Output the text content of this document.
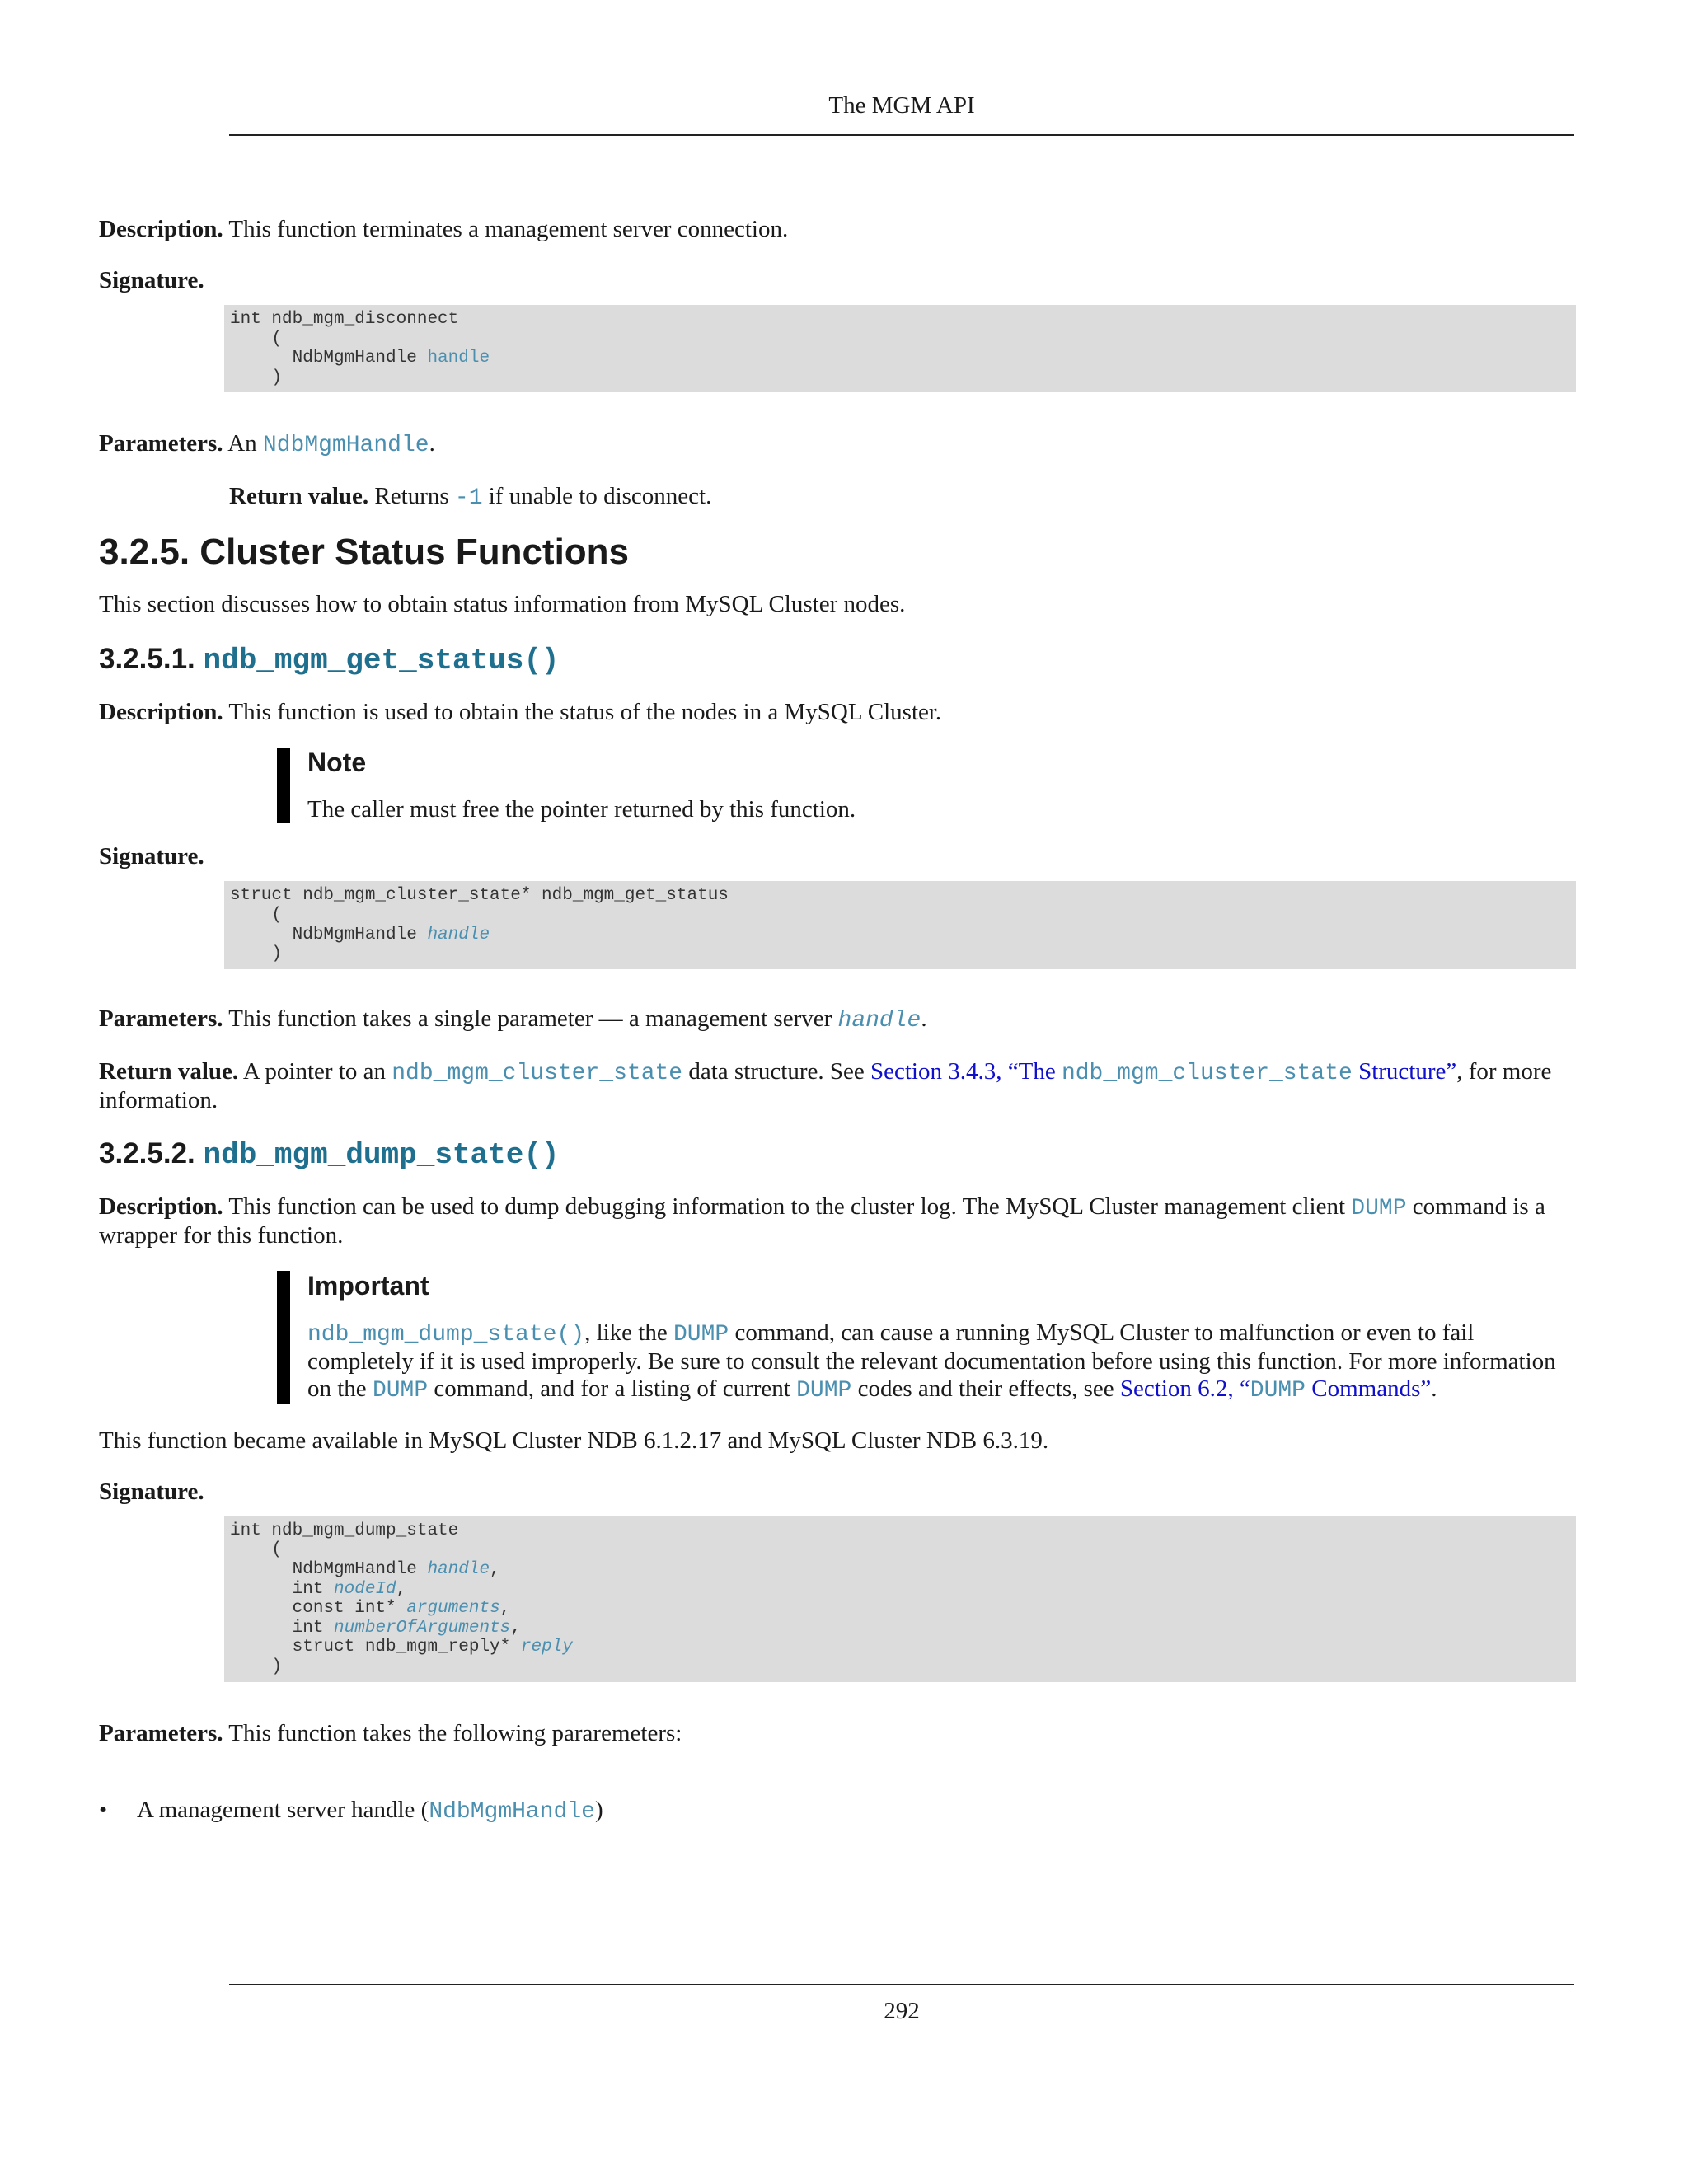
The MGM API

Description. This function terminates a management server connection.

Signature.

int ndb_mgm_disconnect
(
NdbMgmHandle handle
)

Parameters. An NdbMgmHandle.

Return value. Returns -1 if unable to disconnect.

3.2.5. Cluster Status Functions

This section discusses how to obtain status information from MySQL Cluster nodes.

3.2.5.1. ndb_mgm_get_status()

Description. This function is used to obtain the status of the nodes in a MySQL Cluster.

Note

The caller must free the pointer returned by this function.

Signature.

struct ndb_mgm_cluster_state* ndb_mgm_get_status
(
NdbMgmHandle handle
)

Parameters. This function takes a single parameter — a management server handle.

Return value. A pointer to an ndb_mgm_cluster_state data structure. See Section 3.4.3, “The ndb_mgm_cluster_state Structure”, for more information.

3.2.5.2. ndb_mgm_dump_state()

Description. This function can be used to dump debugging information to the cluster log. The MySQL Cluster management client DUMP command is a wrapper for this function.

Important

ndb_mgm_dump_state(), like the DUMP command, can cause a running MySQL Cluster to malfunction or even to fail completely if it is used improperly. Be sure to consult the relevant documentation before using this function. For more information on the DUMP command, and for a listing of current DUMP codes and their effects, see Section 6.2, “DUMP Commands”.

This function became available in MySQL Cluster NDB 6.1.2.17 and MySQL Cluster NDB 6.3.19.

Signature.

int ndb_mgm_dump_state
(
NdbMgmHandle handle,
int nodeId,
const int* arguments,
int numberOfArguments,
struct ndb_mgm_reply* reply
)

Parameters. This function takes the following pararemeters:

• A management server handle (NdbMgmHandle)

292
